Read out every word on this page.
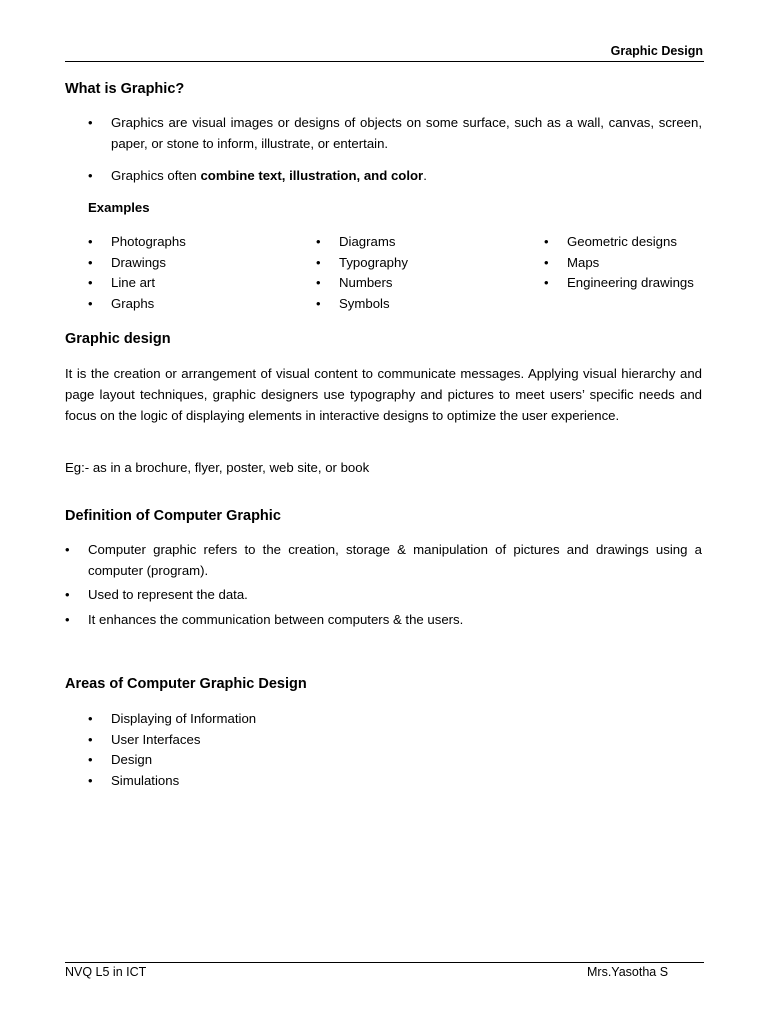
Graphic Design
What is Graphic?
•	Graphics are visual images or designs of objects on some surface, such as a wall, canvas, screen, paper, or stone to inform, illustrate, or entertain.
•	Graphics often combine text, illustration, and color.
Examples
•	Photographs
•	Drawings
•	Line art
•	Graphs
•	Diagrams
•	Typography
•	Numbers
•	Symbols
•	Geometric designs
•	Maps
•	Engineering drawings
Graphic design

It is the creation or arrangement of visual content to communicate messages. Applying visual hierarchy and page layout techniques, graphic designers use typography and pictures to meet users’ specific needs and focus on the logic of displaying elements in interactive designs to optimize the user experience.

Eg:- as in a brochure, flyer, poster, web site, or book

Definition of Computer Graphic
•	Computer graphic refers to the creation, storage & manipulation of pictures and drawings using a computer (program).
•	Used to represent the data.
•	It enhances the communication between computers & the users.
Areas of Computer Graphic Design
•	Displaying of Information
•	User Interfaces
•	Design
•	Simulations
NVQ L5 in ICT	Mrs.Yasotha S
